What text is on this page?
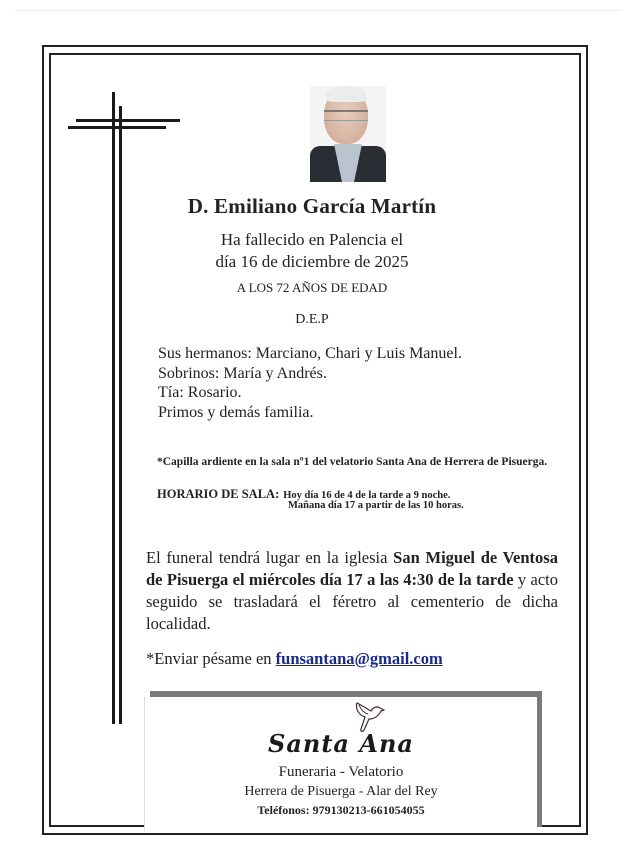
D. Emiliano García Martín
Ha fallecido en Palencia el
día 16 de diciembre de 2025
A LOS 72 AÑOS DE EDAD
D.E.P
Sus hermanos: Marciano, Chari y Luis Manuel.
Sobrinos: María y Andrés.
Tía: Rosario.
Primos y demás familia.
*Capilla ardiente en la sala nº1 del velatorio Santa Ana de Herrera de Pisuerga.
HORARIO DE SALA: Hoy día 16 de 4 de la tarde a 9 noche.
Mañana día 17 a partir de las 10 horas.
El funeral tendrá lugar en la iglesia San Miguel de Ventosa de Pisuerga el miércoles día 17 a las 4:30 de la tarde y acto seguido se trasladará el féretro al cementerio de dicha localidad.
*Enviar pésame en funsantana@gmail.com
Santa Ana
Funeraria - Velatorio
Herrera de Pisuerga - Alar del Rey
Teléfonos: 979130213-661054055
